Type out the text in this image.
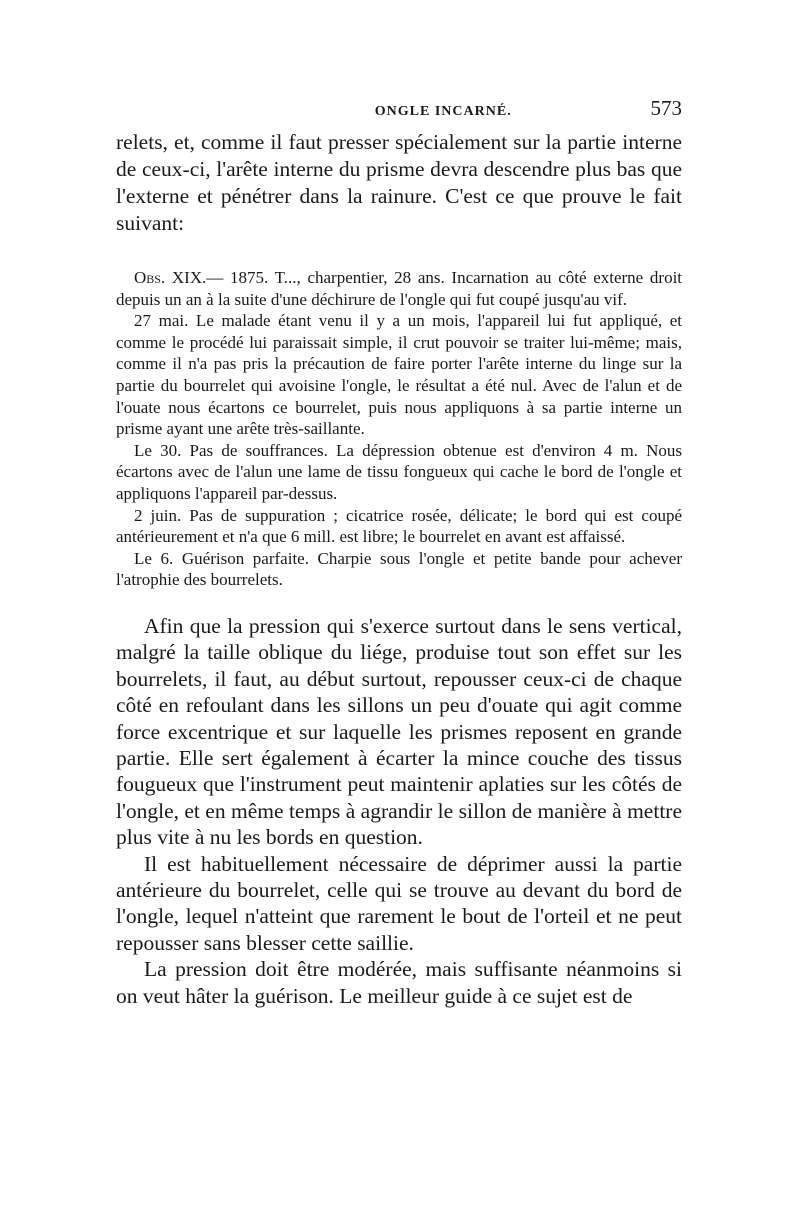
ONGLE INCARNÉ.	573

relets, et, comme il faut presser spécialement sur la partie interne de ceux-ci, l'arête interne du prisme devra descendre plus bas que l'externe et pénétrer dans la rainure. C'est ce que prouve le fait suivant:

Obs. XIX.— 1875. T..., charpentier, 28 ans. Incarnation au côté externe droit depuis un an à la suite d'une déchirure de l'ongle qui fut coupé jusqu'au vif.

27 mai. Le malade étant venu il y a un mois, l'appareil lui fut appliqué, et comme le procédé lui paraissait simple, il crut pouvoir se traiter lui-même; mais, comme il n'a pas pris la précaution de faire porter l'arête interne du linge sur la partie du bourrelet qui avoisine l'ongle, le résultat a été nul. Avec de l'alun et de l'ouate nous écartons ce bourrelet, puis nous appliquons à sa partie interne un prisme ayant une arête très-saillante.

Le 30. Pas de souffrances. La dépression obtenue est d'environ 4 m. Nous écartons avec de l'alun une lame de tissu fongueux qui cache le bord de l'ongle et appliquons l'appareil par-dessus.

2 juin. Pas de suppuration ; cicatrice rosée, délicate; le bord qui est coupé antérieurement et n'a que 6 mill. est libre; le bourrelet en avant est affaissé.

Le 6. Guérison parfaite. Charpie sous l'ongle et petite bande pour achever l'atrophie des bourrelets.

Afin que la pression qui s'exerce surtout dans le sens vertical, malgré la taille oblique du liége, produise tout son effet sur les bourrelets, il faut, au début surtout, repousser ceux-ci de chaque côté en refoulant dans les sillons un peu d'ouate qui agit comme force excentrique et sur laquelle les prismes reposent en grande partie. Elle sert également à écarter la mince couche des tissus fougueux que l'instrument peut maintenir aplaties sur les côtés de l'ongle, et en même temps à agrandir le sillon de manière à mettre plus vite à nu les bords en question.

Il est habituellement nécessaire de déprimer aussi la partie antérieure du bourrelet, celle qui se trouve au devant du bord de l'ongle, lequel n'atteint que rarement le bout de l'orteil et ne peut repousser sans blesser cette saillie.

La pression doit être modérée, mais suffisante néanmoins si on veut hâter la guérison. Le meilleur guide à ce sujet est de
